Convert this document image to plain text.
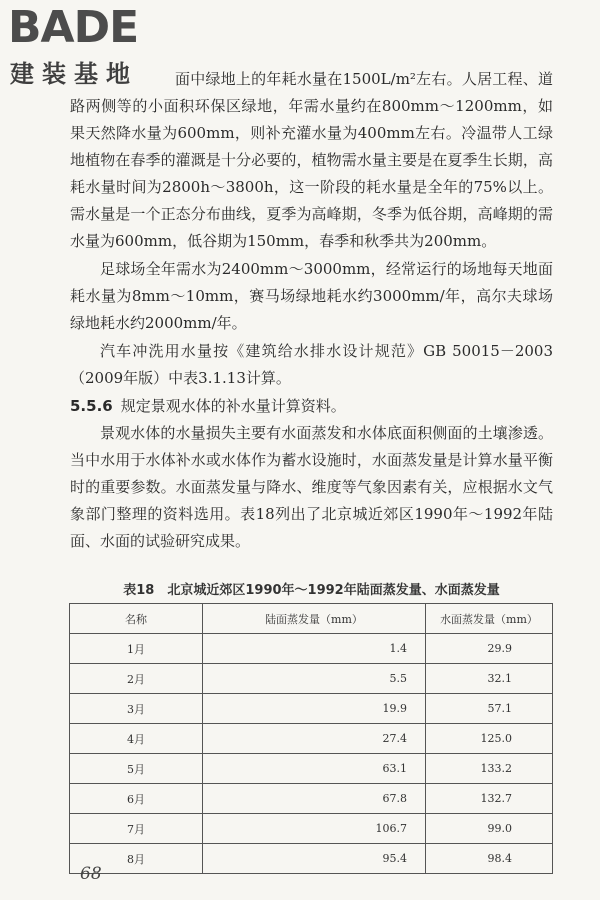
BADE
建装基地	面中绿地上的年耗水量在1500L/m²左右。人居工程、道路两侧等的小面积环保区绿地，年需水量约在800mm～1200mm，如果天然降水量为600mm，则补充灌水量为400mm左右。冷温带人工绿地植物在春季的灌溉是十分必要的，植物需水量主要是在夏季生长期，高耗水量时间为2800h～3800h，这一阶段的耗水量是全年的75%以上。需水量是一个正态分布曲线，夏季为高峰期，冬季为低谷期，高峰期的需水量为600mm，低谷期为150mm，春季和秋季共为200mm。

足球场全年需水为2400mm～3000mm，经常运行的场地每天地面耗水量为8mm～10mm，赛马场绿地耗水约3000mm/年，高尔夫球场绿地耗水约2000mm/年。

汽车冲洗用水量按《建筑给水排水设计规范》GB 50015－2003（2009年版）中表3.1.13计算。

5.5.6 规定景观水体的补水量计算资料。

景观水体的水量损失主要有水面蒸发和水体底面积侧面的土壤渗透。当中水用于水体补水或水体作为蓄水设施时，水面蒸发量是计算水量平衡时的重要参数。水面蒸发量与降水、维度等气象因素有关，应根据水文气象部门整理的资料选用。表18列出了北京城近郊区1990年～1992年陆面、水面的试验研究成果。

表18　北京城近郊区1990年～1992年陆面蒸发量、水面蒸发量
名称	陆面蒸发量（mm）	水面蒸发量（mm）
1月	1.4	29.9
2月	5.5	32.1
3月	19.9	57.1
4月	27.4	125.0
5月	63.1	133.2
6月	67.8	132.7
7月	106.7	99.0
8月	95.4	98.4
68
